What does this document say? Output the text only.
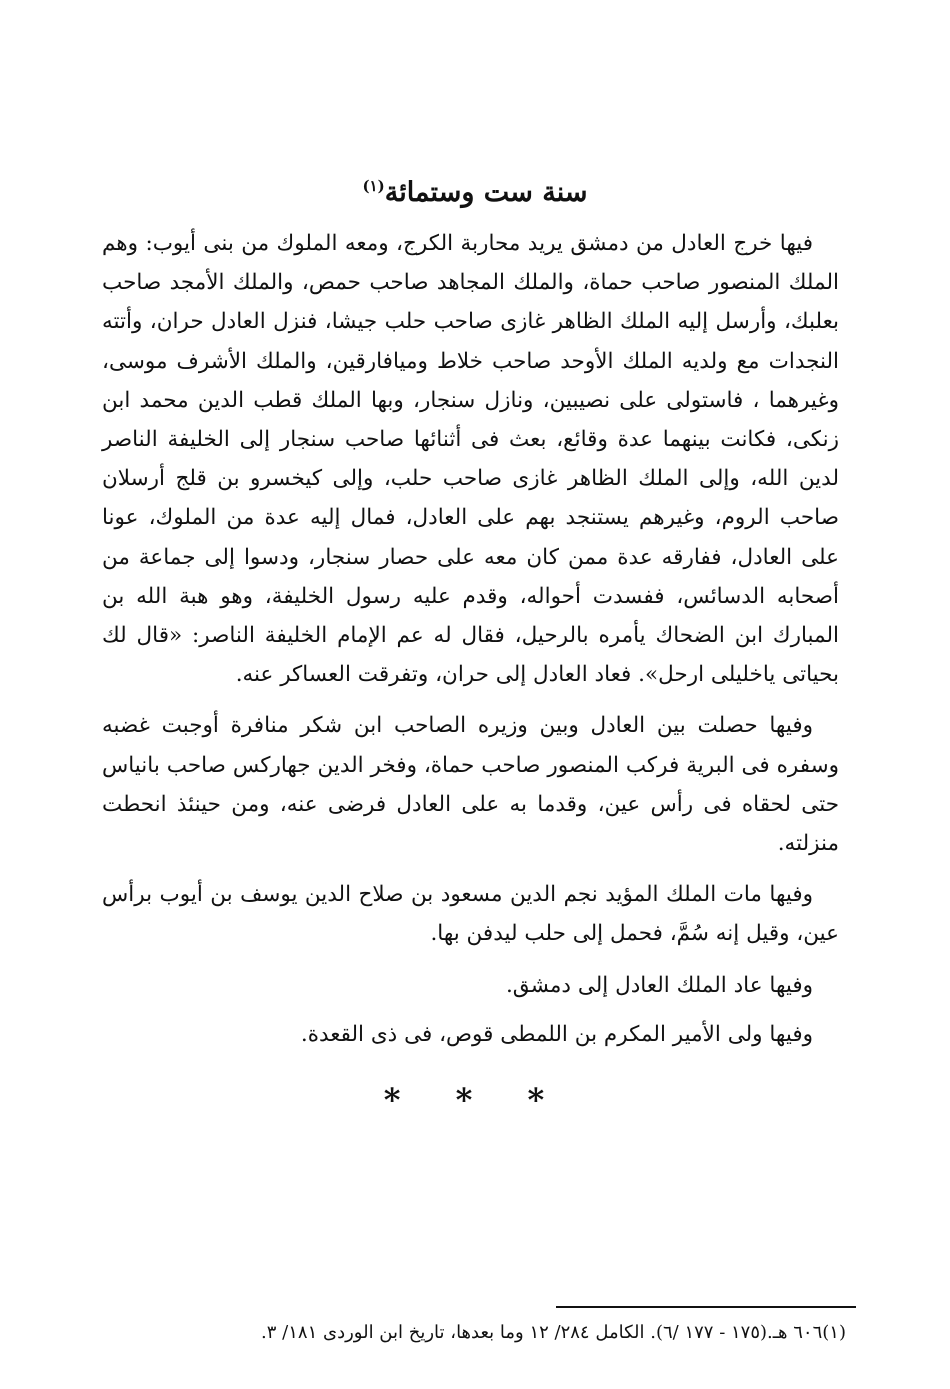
سنة ست وستمائة$^{(١)}$

فيها خرج العادل من دمشق يريد محاربة الكرج، ومعه الملوك من بنى أيوب: وهم الملك المنصور صاحب حماة، والملك المجاهد صاحب حمص، والملك الأمجد صاحب بعلبك، وأرسل إليه الملك الظاهر غازى صاحب حلب جيشا، فنزل العادل حران، وأتته النجدات مع ولديه الملك الأوحد صاحب خلاط وميافارقين، والملك الأشرف موسى، وغيرهما ، فاستولى على نصيبين، ونازل سنجار، وبها الملك قطب الدين محمد ابن زنكى، فكانت بينهما عدة وقائع، بعث فى أثنائها صاحب سنجار إلى الخليفة الناصر لدين الله، وإلى الملك الظاهر غازى صاحب حلب، وإلى كيخسرو بن قلج أرسلان صاحب الروم، وغيرهم يستنجد بهم على العادل، فمال إليه عدة من الملوك، عونا على العادل، ففارقه عدة ممن كان معه على حصار سنجار، ودسوا إلى جماعة من أصحابه الدسائس، ففسدت أحواله، وقدم عليه رسول الخليفة، وهو هبة الله بن المبارك ابن الضحاك يأمره بالرحيل، فقال له عم الإمام الخليفة الناصر: «قال لك بحياتى ياخليلى ارحل». فعاد العادل إلى حران، وتفرقت العساكر عنه.

وفيها حصلت بين العادل وبين وزيره الصاحب ابن شكر منافرة أوجبت غضبه وسفره فى البرية فركب المنصور صاحب حماة، وفخر الدين جهاركس صاحب بانياس حتى لحقاه فى رأس عين، وقدما به على العادل فرضى عنه، ومن حينئذ انحطت منزلته.

وفيها مات الملك المؤيد نجم الدين مسعود بن صلاح الدين يوسف بن أيوب برأس عين، وقيل إنه سُمَّ، فحمل إلى حلب ليدفن بها.

وفيها عاد الملك العادل إلى دمشق.

وفيها ولى الأمير المكرم بن اللمطى قوص، فى ذى القعدة.

* * *
(١)٦٠٦ هـ.(١٧٥ - ١٧٧ /٦). الكامل ٢٨٤/ ١٢ وما بعدها، تاريخ ابن الوردى ١٨١/ ٣.
